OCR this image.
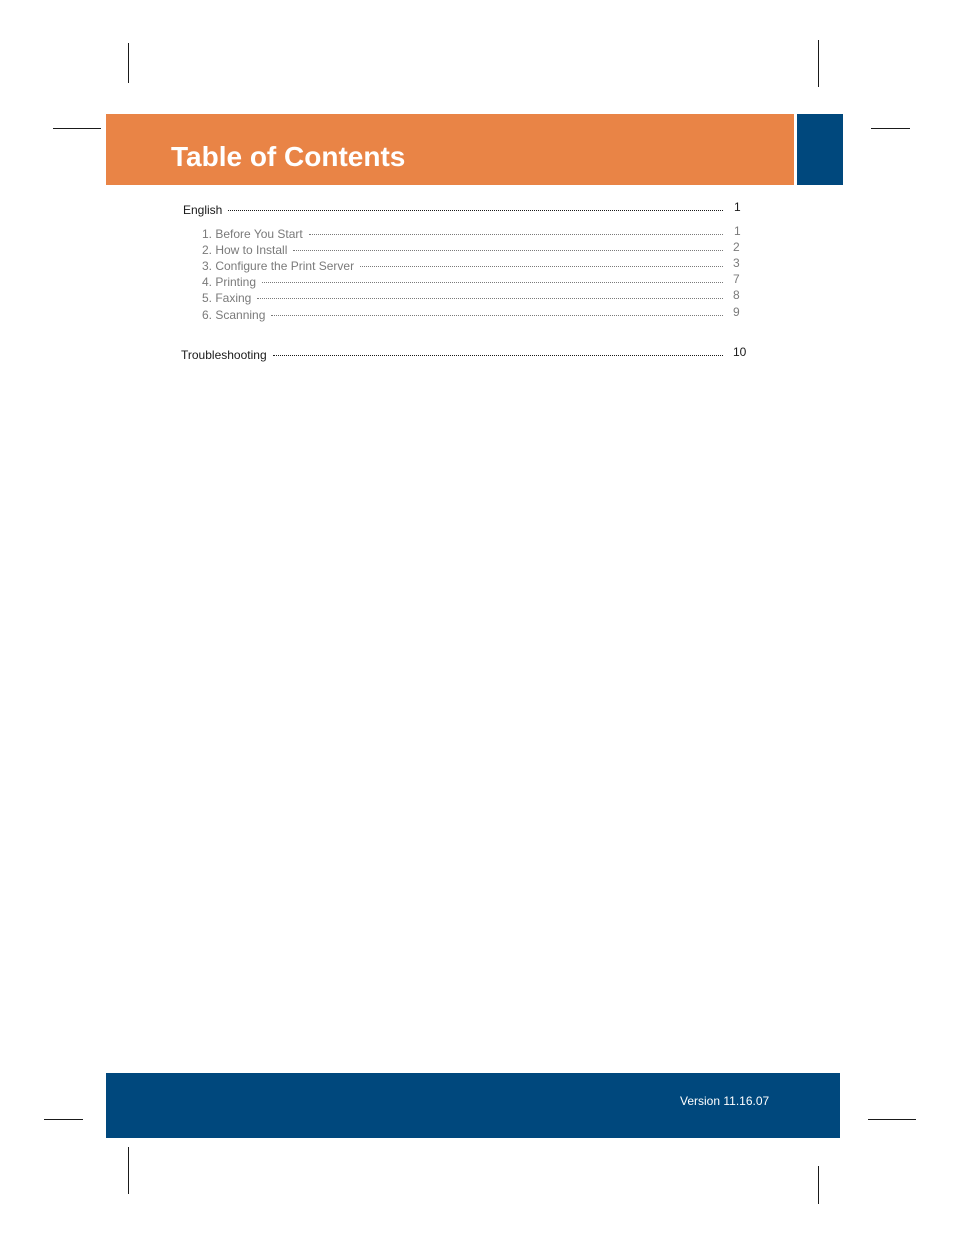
Table of Contents
English	1
1. Before You Start	1
2. How to Install	2
3. Configure the Print Server	3
4. Printing	7
5. Faxing	8
6. Scanning	9
Troubleshooting	10
Version 11.16.07
